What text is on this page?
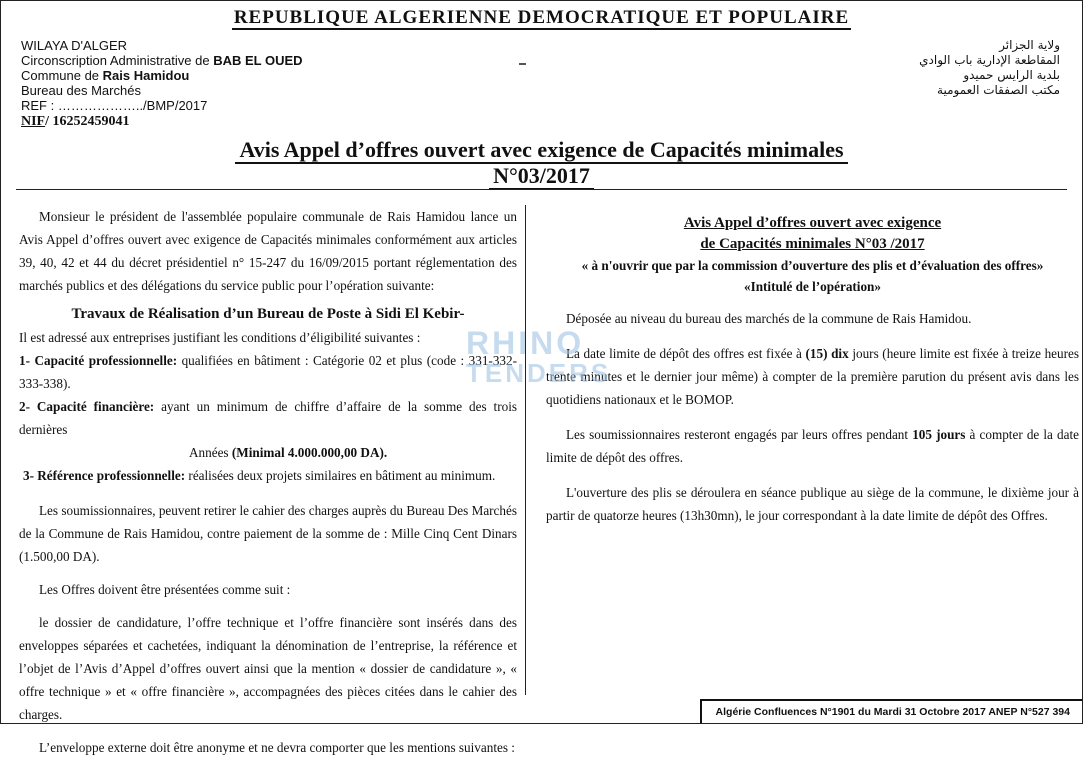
REPUBLIQUE ALGERIENNE DEMOCRATIQUE ET POPULAIRE
WILAYA D'ALGER
Circonscription Administrative de BAB EL OUED
Commune de Rais Hamidou
Bureau des Marchés
REF : ………………../BMP/2017
NIF/ 16252459041
ولاية الجزائر
المقاطعة الإدارية باب الوادي
بلدية الرايس حميدو
مكتب الصفقات العمومية
Avis Appel d’offres ouvert avec exigence de Capacités minimales
N°03/2017

Monsieur le président de l'assemblée populaire communale de Rais Hamidou lance un Avis Appel d’offres ouvert avec exigence de Capacités minimales conformément aux articles 39, 40, 42 et 44 du décret présidentiel n° 15-247 du 16/09/2015 portant réglementation des marchés publics et des délégations du service public pour l’opération suivante:

Travaux de Réalisation d’un Bureau de Poste à Sidi El Kebir-

Il est adressé aux entreprises justifiant les conditions d’éligibilité suivantes :

1- Capacité professionnelle: qualifiées en bâtiment : Catégorie 02 et plus (code : 331-332-333-338).

2- Capacité financière: ayant un minimum de chiffre d’affaire de la somme des trois dernières

Années (Minimal 4.000.000,00 DA).

3- Référence professionnelle: réalisées deux projets similaires en bâtiment au minimum.

Les soumissionnaires, peuvent retirer le cahier des charges auprès du Bureau Des Marchés de la Commune de Rais Hamidou, contre paiement de la somme de : Mille Cinq Cent Dinars (1.500,00 DA).

Les Offres doivent être présentées comme suit :

le dossier de candidature, l’offre technique et l’offre financière sont insérés dans des enveloppes séparées et cachetées, indiquant la dénomination de l’entreprise, la référence et l’objet de l’Avis d’Appel d’offres ouvert ainsi que la mention « dossier de candidature », « offre technique » et « offre financière », accompagnées des pièces citées dans le cahier des charges.

L’enveloppe externe doit être anonyme et ne devra comporter que les mentions suivantes :

Avis Appel d’offres ouvert avec exigence
de Capacités minimales N°03 /2017
« à n'ouvrir que par la commission d’ouverture des plis et d’évaluation des offres»
«Intitulé de l’opération»

Déposée au niveau du bureau des marchés de la commune de Rais Hamidou.

La date limite de dépôt des offres est fixée à (15) dix jours (heure limite est fixée à treize heures trente minutes et le dernier jour même) à compter de la première parution du présent avis dans les quotidiens nationaux et le BOMOP.

Les soumissionnaires resteront engagés par leurs offres pendant 105 jours à compter de la date limite de dépôt des offres.

L'ouverture des plis se déroulera en séance publique au siège de la commune, le dixième jour à partir de quatorze heures (13h30mn), le jour correspondant à la date limite de dépôt des Offres.

RHINO
TENDERS
Algérie Confluences N°1901 du Mardi 31 Octobre 2017 ANEP N°527 394
